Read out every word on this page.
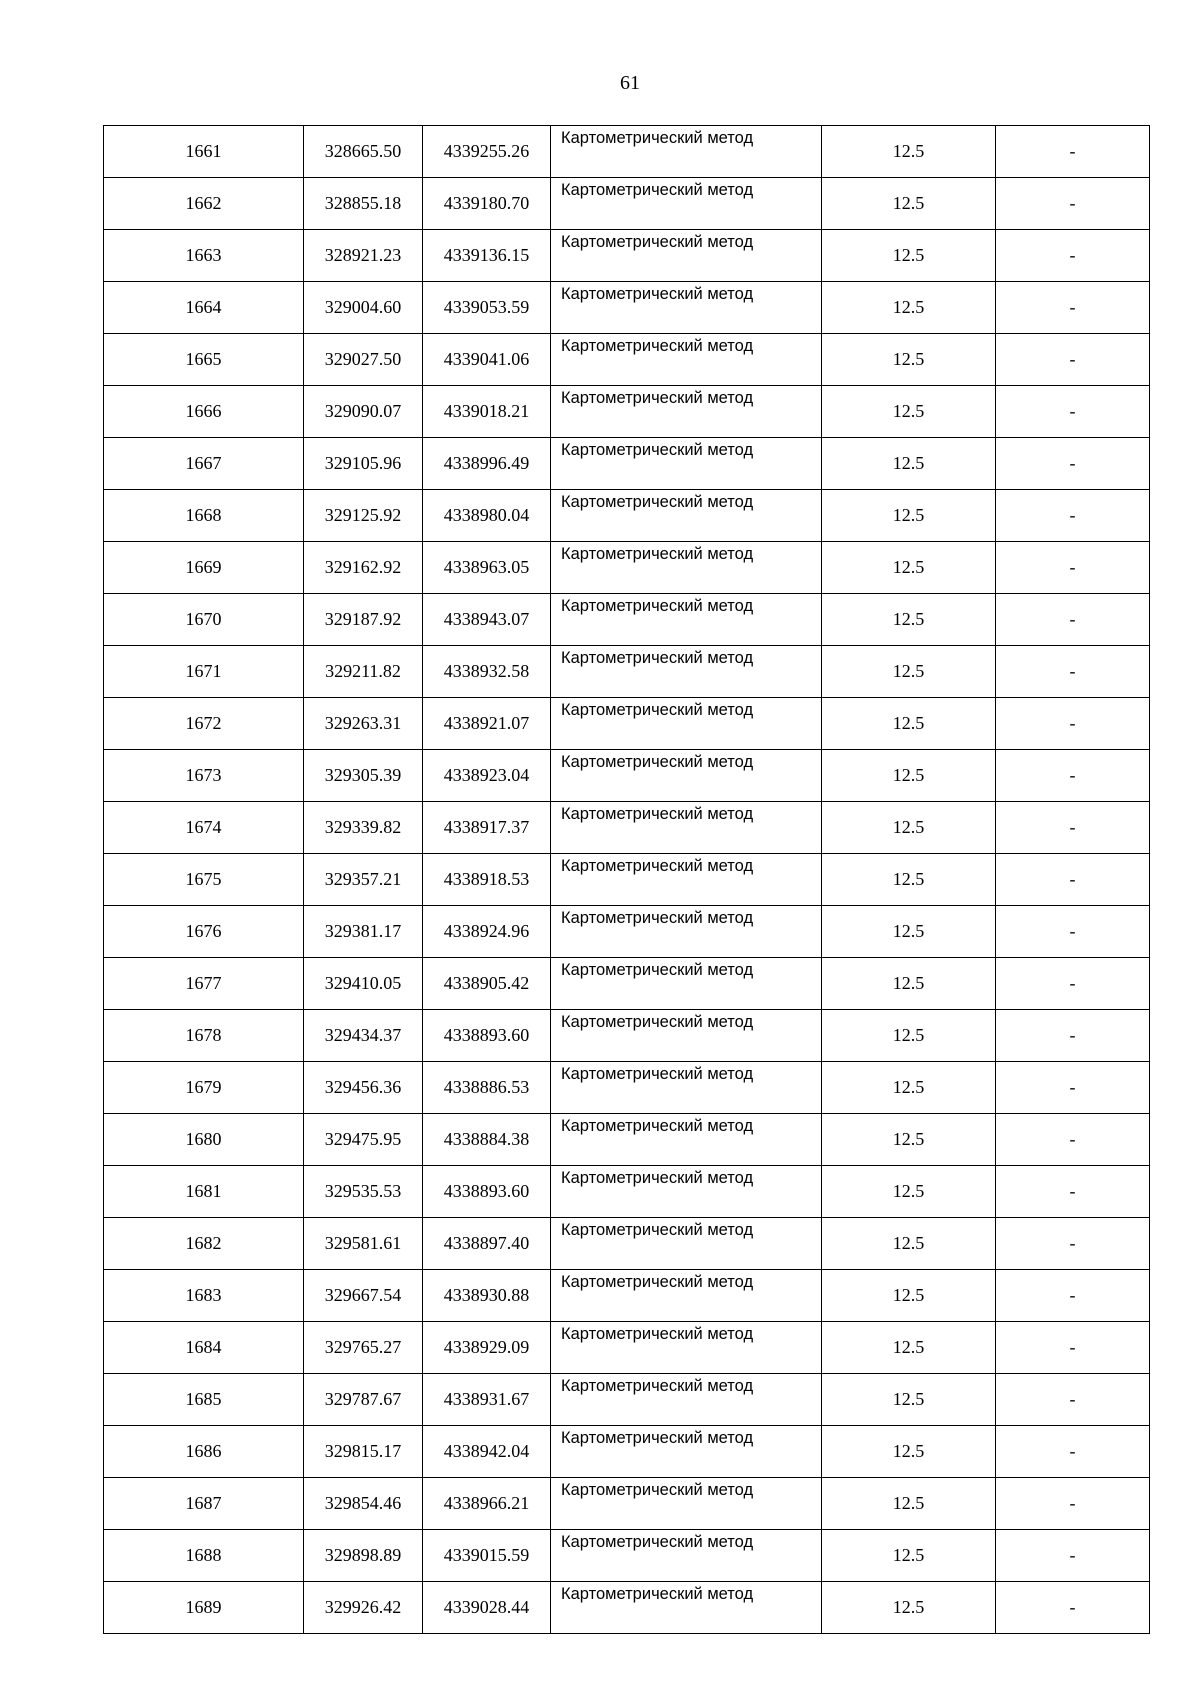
61
1661	328665.50	4339255.26	Картометрический метод	12.5	-
1662	328855.18	4339180.70	Картометрический метод	12.5	-
1663	328921.23	4339136.15	Картометрический метод	12.5	-
1664	329004.60	4339053.59	Картометрический метод	12.5	-
1665	329027.50	4339041.06	Картометрический метод	12.5	-
1666	329090.07	4339018.21	Картометрический метод	12.5	-
1667	329105.96	4338996.49	Картометрический метод	12.5	-
1668	329125.92	4338980.04	Картометрический метод	12.5	-
1669	329162.92	4338963.05	Картометрический метод	12.5	-
1670	329187.92	4338943.07	Картометрический метод	12.5	-
1671	329211.82	4338932.58	Картометрический метод	12.5	-
1672	329263.31	4338921.07	Картометрический метод	12.5	-
1673	329305.39	4338923.04	Картометрический метод	12.5	-
1674	329339.82	4338917.37	Картометрический метод	12.5	-
1675	329357.21	4338918.53	Картометрический метод	12.5	-
1676	329381.17	4338924.96	Картометрический метод	12.5	-
1677	329410.05	4338905.42	Картометрический метод	12.5	-
1678	329434.37	4338893.60	Картометрический метод	12.5	-
1679	329456.36	4338886.53	Картометрический метод	12.5	-
1680	329475.95	4338884.38	Картометрический метод	12.5	-
1681	329535.53	4338893.60	Картометрический метод	12.5	-
1682	329581.61	4338897.40	Картометрический метод	12.5	-
1683	329667.54	4338930.88	Картометрический метод	12.5	-
1684	329765.27	4338929.09	Картометрический метод	12.5	-
1685	329787.67	4338931.67	Картометрический метод	12.5	-
1686	329815.17	4338942.04	Картометрический метод	12.5	-
1687	329854.46	4338966.21	Картометрический метод	12.5	-
1688	329898.89	4339015.59	Картометрический метод	12.5	-
1689	329926.42	4339028.44	Картометрический метод	12.5	-
